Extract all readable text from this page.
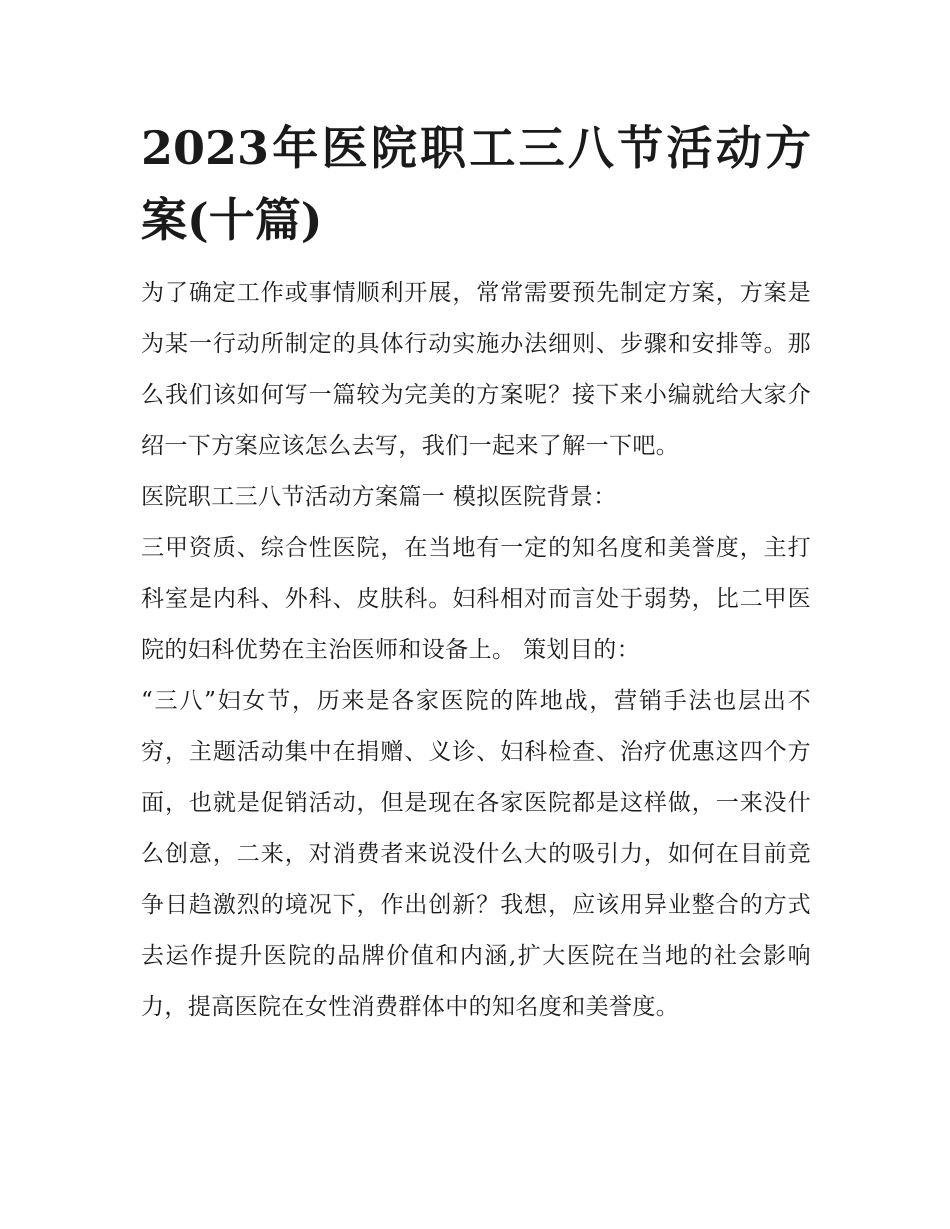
2023年医院职工三八节活动方案(十篇)

为了确定工作或事情顺利开展，常常需要预先制定方案，方案是为某一行动所制定的具体行动实施办法细则、步骤和安排等。那么我们该如何写一篇较为完美的方案呢？接下来小编就给大家介绍一下方案应该怎么去写，我们一起来了解一下吧。

医院职工三八节活动方案篇一 模拟医院背景：

三甲资质、综合性医院，在当地有一定的知名度和美誉度，主打科室是内科、外科、皮肤科。妇科相对而言处于弱势，比二甲医院的妇科优势在主治医师和设备上。 策划目的：

“三八”妇女节，历来是各家医院的阵地战，营销手法也层出不穷，主题活动集中在捐赠、义诊、妇科检查、治疗优惠这四个方面，也就是促销活动，但是现在各家医院都是这样做，一来没什么创意，二来，对消费者来说没什么大的吸引力，如何在目前竞争日趋激烈的境况下，作出创新？我想，应该用异业整合的方式去运作提升医院的品牌价值和内涵,扩大医院在当地的社会影响力，提高医院在女性消费群体中的知名度和美誉度。
